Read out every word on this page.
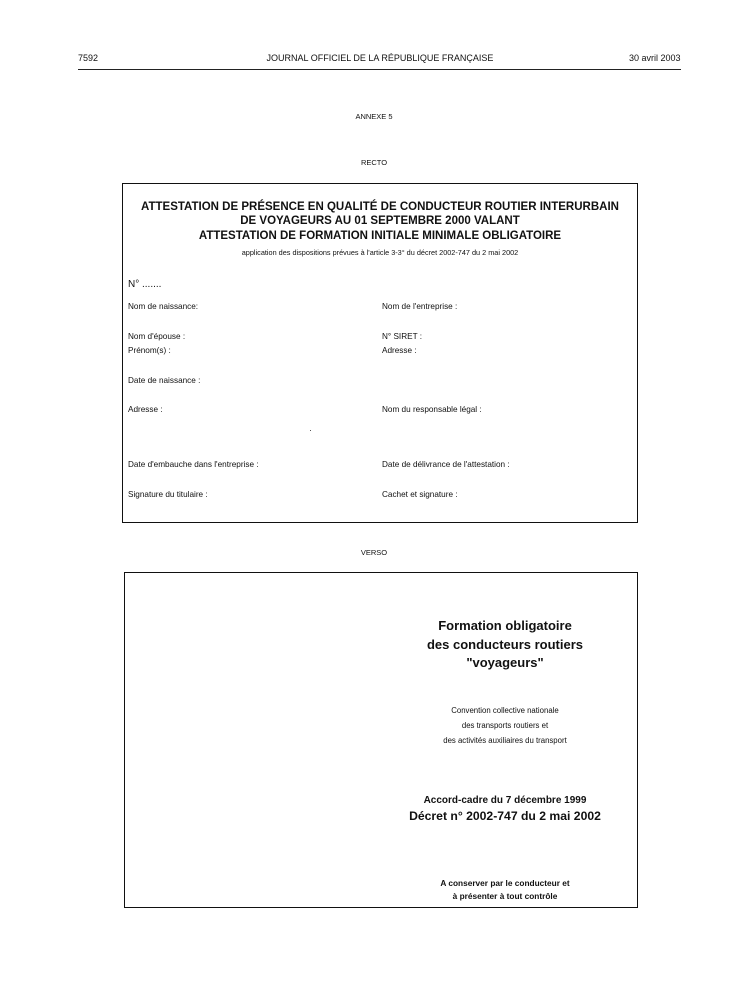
7592	JOURNAL OFFICIEL DE LA RÉPUBLIQUE FRANÇAISE	30 avril 2003
ANNEXE 5
RECTO
ATTESTATION DE PRÉSENCE EN QUALITÉ DE CONDUCTEUR ROUTIER INTERURBAIN
DE VOYAGEURS AU 01 SEPTEMBRE 2000 VALANT
ATTESTATION DE FORMATION INITIALE MINIMALE OBLIGATOIRE
application des dispositions prévues à l'article 3-3° du décret 2002-747 du 2 mai 2002
N° .......
Nom de naissance:
Nom d'épouse :
Prénom(s) :
Date de naissance :
Adresse :
Date d'embauche dans l'entreprise :
Signature du titulaire :
Nom de l'entreprise :
N° SIRET :
Adresse :
Nom du responsable légal :
Date de délivrance de l'attestation :
Cachet et signature :
VERSO
Formation obligatoire
des conducteurs routiers
"voyageurs"
Convention collective nationale
des transports routiers et
des activités auxiliaires du transport
Accord-cadre du 7 décembre 1999
Décret n° 2002-747 du 2 mai 2002
A conserver par le conducteur et
à présenter à tout contrôle
